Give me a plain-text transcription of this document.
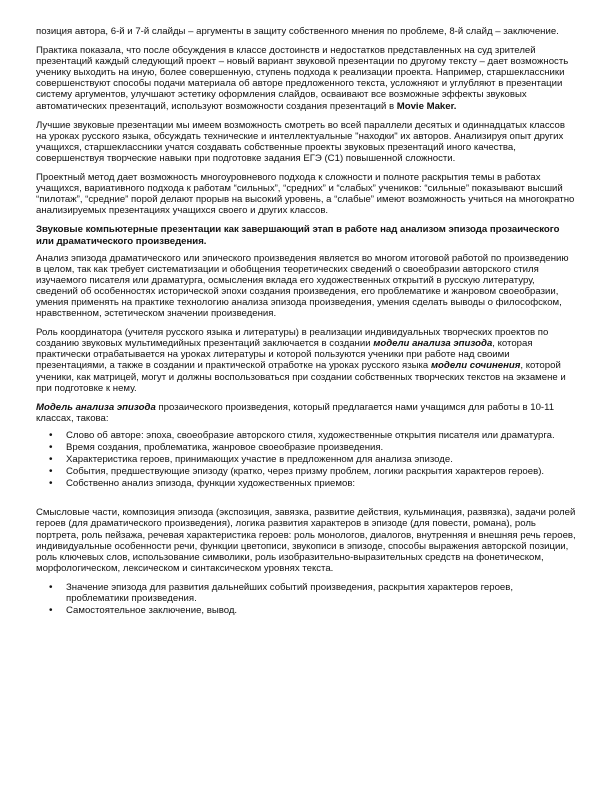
позиция автора, 6-й и 7-й слайды – аргументы в защиту собственного мнения по проблеме, 8-й слайд – заключение.

Практика показала, что после обсуждения в классе достоинств и недостатков представленных на суд зрителей презентаций каждый следующий проект – новый вариант звуковой презентации по другому тексту – дает возможность ученику выходить на иную, более совершенную, ступень подхода к реализации проекта. Например, старшеклассники совершенствуют способы подачи материала об авторе предложенного текста, усложняют и углубляют в презентации систему аргументов, улучшают эстетику оформления слайдов, осваивают все возможные эффекты звуковых автоматических презентаций, используют возможности создания презентаций в Movie Maker.

Лучшие звуковые презентации мы имеем возможность смотреть во всей параллели десятых и одиннадцатых классов на уроках русского языка, обсуждать технические и интеллектуальные "находки" их авторов. Анализируя опыт других учащихся, старшеклассники учатся создавать собственные проекты звуковых презентаций иного качества, совершенствуя творческие навыки при подготовке задания ЕГЭ (С1) повышенной сложности.

Проектный метод дает возможность многоуровневого подхода к сложности и полноте раскрытия темы в работах учащихся, вариативного подхода к работам “сильных”, “средних” и “слабых” учеников: “сильные” показывают высший “пилотаж”, “средние” порой делают прорыв на высокий уровень, а “слабые” имеют возможность учиться на многократно анализируемых презентациях учащихся своего и других классов.

Звуковые компьютерные презентации как завершающий этап в работе над анализом эпизода прозаического или драматического произведения.

Анализ эпизода драматического или эпического произведения является во многом итоговой работой по произведению в целом, так как требует систематизации и обобщения теоретических сведений о своеобразии авторского стиля изучаемого писателя или драматурга, осмысления вклада его художественных открытий в русскую литературу, сведений об особенностях исторической эпохи создания произведения, его проблематике и жанровом своеобразии, умения применять на практике технологию анализа эпизода произведения, умения сделать выводы о философском, нравственном, эстетическом значении произведения.

Роль координатора (учителя русского языка и литературы) в реализации индивидуальных творческих проектов по созданию звуковых мультимедийных презентаций заключается в создании модели анализа эпизода, которая практически отрабатывается на уроках литературы и которой пользуются ученики при работе над своими презентациями, а также в создании и практической отработке на уроках русского языка модели сочинения, которой ученики, как матрицей, могут и должны воспользоваться при создании собственных творческих текстов на экзамене и при подготовке к нему.

Модель анализа эпизода прозаического произведения, который предлагается нами учащимся для работы в 10-11 классах, такова:

• Слово об авторе: эпоха, своеобразие авторского стиля, художественные открытия писателя или драматурга.
• Время создания, проблематика, жанровое своеобразие произведения.
• Характеристика героев, принимающих участие в предложенном для анализа эпизоде.
• События, предшествующие эпизоду (кратко, через призму проблем, логики раскрытия характеров героев).
• Собственно анализ эпизода, функции художественных приемов:

Смысловые части, композиция эпизода (экспозиция, завязка, развитие действия, кульминация, развязка), задачи ролей героев (для драматического произведения), логика развития характеров в эпизоде (для повести, романа), роль портрета, роль пейзажа, речевая характеристика героев: роль монологов, диалогов, внутренняя и внешняя речь героев, индивидуальные особенности речи, функции цветописи, звукописи в эпизоде, способы выражения авторской позиции, роль ключевых слов, использование символики, роль изобразительно-выразительных средств на фонетическом, морфологическом, лексическом и синтаксическом уровнях текста.

• Значение эпизода для развития дальнейших событий произведения, раскрытия характеров героев, проблематики произведения.
• Самостоятельное заключение, вывод.
